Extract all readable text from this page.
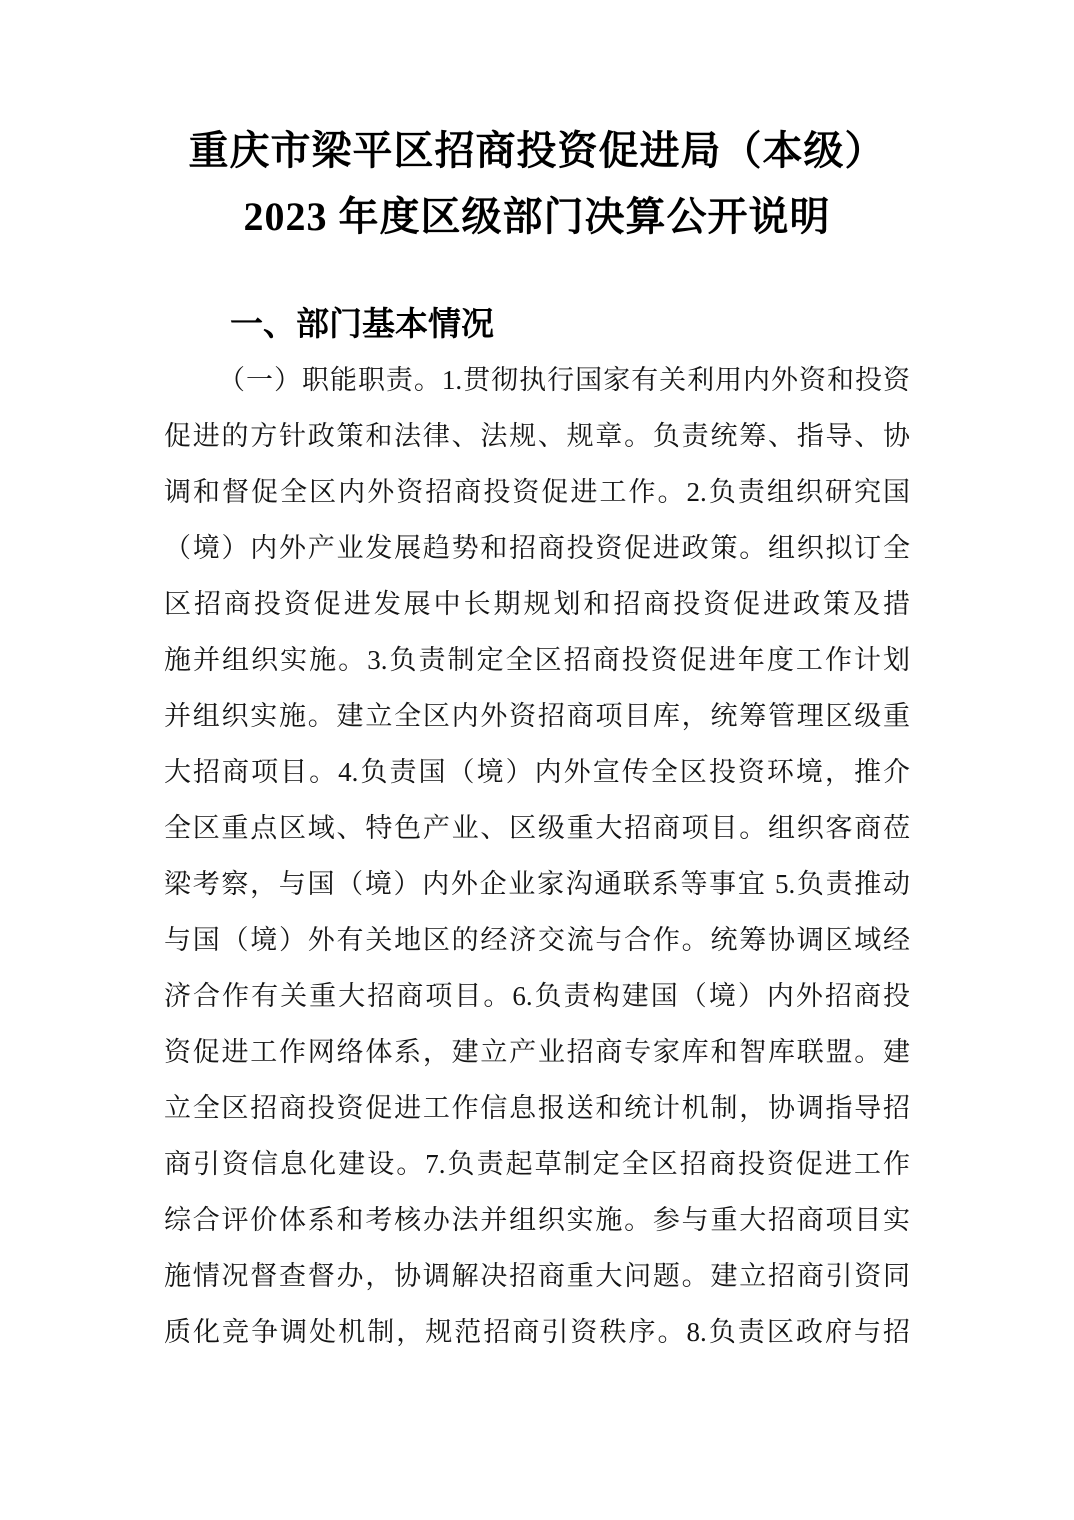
重庆市梁平区招商投资促进局（本级）
2023 年度区级部门决算公开说明
一、部门基本情况
（一）职能职责。1.贯彻执行国家有关利用内外资和投资
促进的方针政策和法律、法规、规章。负责统筹、指导、协
调和督促全区内外资招商投资促进工作。2.负责组织研究国
（境）内外产业发展趋势和招商投资促进政策。组织拟订全
区招商投资促进发展中长期规划和招商投资促进政策及措
施并组织实施。3.负责制定全区招商投资促进年度工作计划
并组织实施。建立全区内外资招商项目库，统筹管理区级重
大招商项目。4.负责国（境）内外宣传全区投资环境，推介
全区重点区域、特色产业、区级重大招商项目。组织客商莅
梁考察，与国（境）内外企业家沟通联系等事宜 5.负责推动
与国（境）外有关地区的经济交流与合作。统筹协调区域经
济合作有关重大招商项目。6.负责构建国（境）内外招商投
资促进工作网络体系，建立产业招商专家库和智库联盟。建
立全区招商投资促进工作信息报送和统计机制，协调指导招
商引资信息化建设。7.负责起草制定全区招商投资促进工作
综合评价体系和考核办法并组织实施。参与重大招商项目实
施情况督查督办，协调解决招商重大问题。建立招商引资同
质化竞争调处机制，规范招商引资秩序。8.负责区政府与招
